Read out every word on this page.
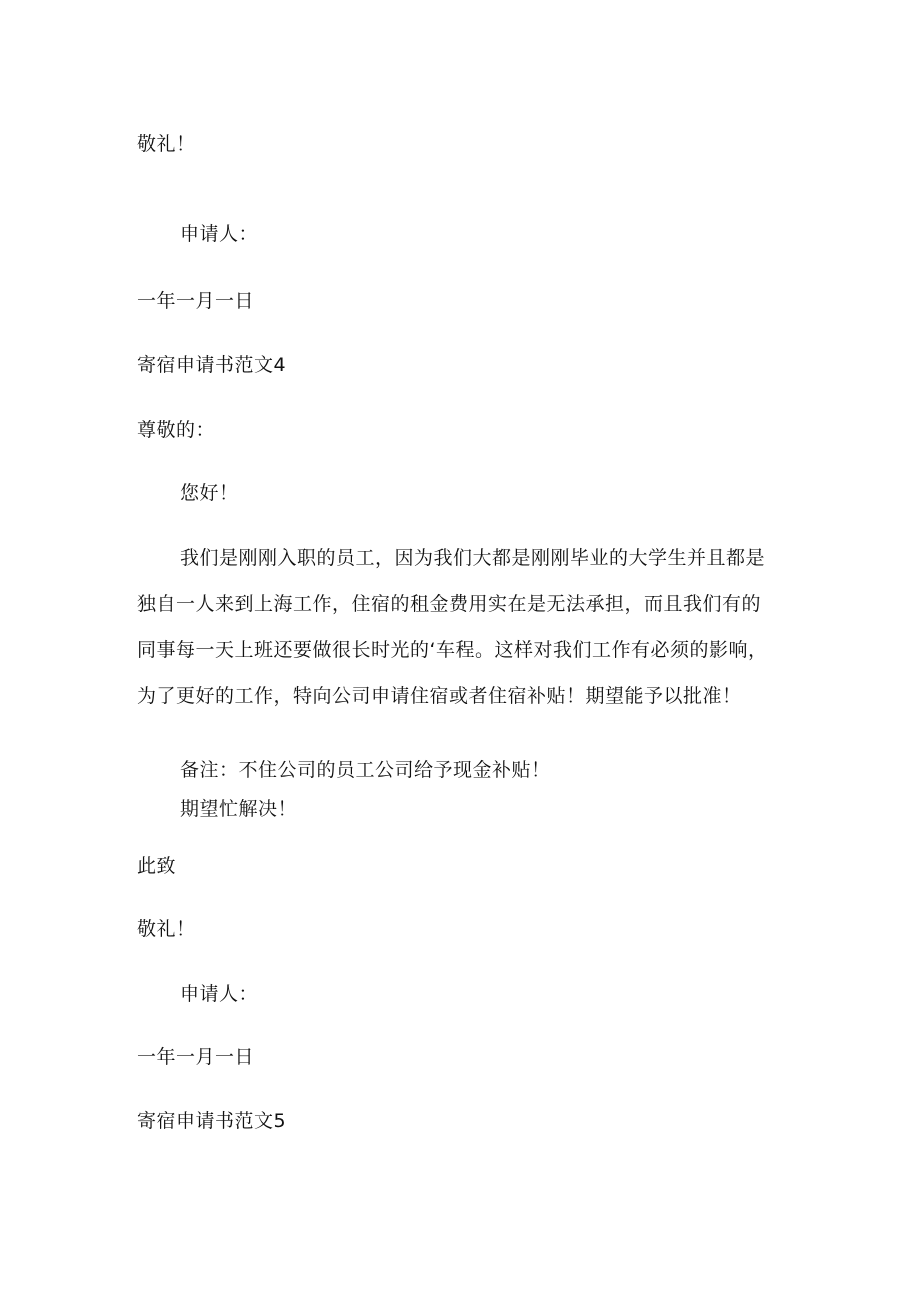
敬礼！

申请人：

一年一月一日

寄宿申请书范文4

尊敬的：

您好！

我们是刚刚入职的员工，因为我们大都是刚刚毕业的大学生并且都是独自一人来到上海工作，住宿的租金费用实在是无法承担，而且我们有的同事每一天上班还要做很长时光的‘车程。这样对我们工作有必须的影响，为了更好的工作，特向公司申请住宿或者住宿补贴！期望能予以批准！

备注：不住公司的员工公司给予现金补贴！

期望忙解决！

此致

敬礼！

申请人：

一年一月一日

寄宿申请书范文5
